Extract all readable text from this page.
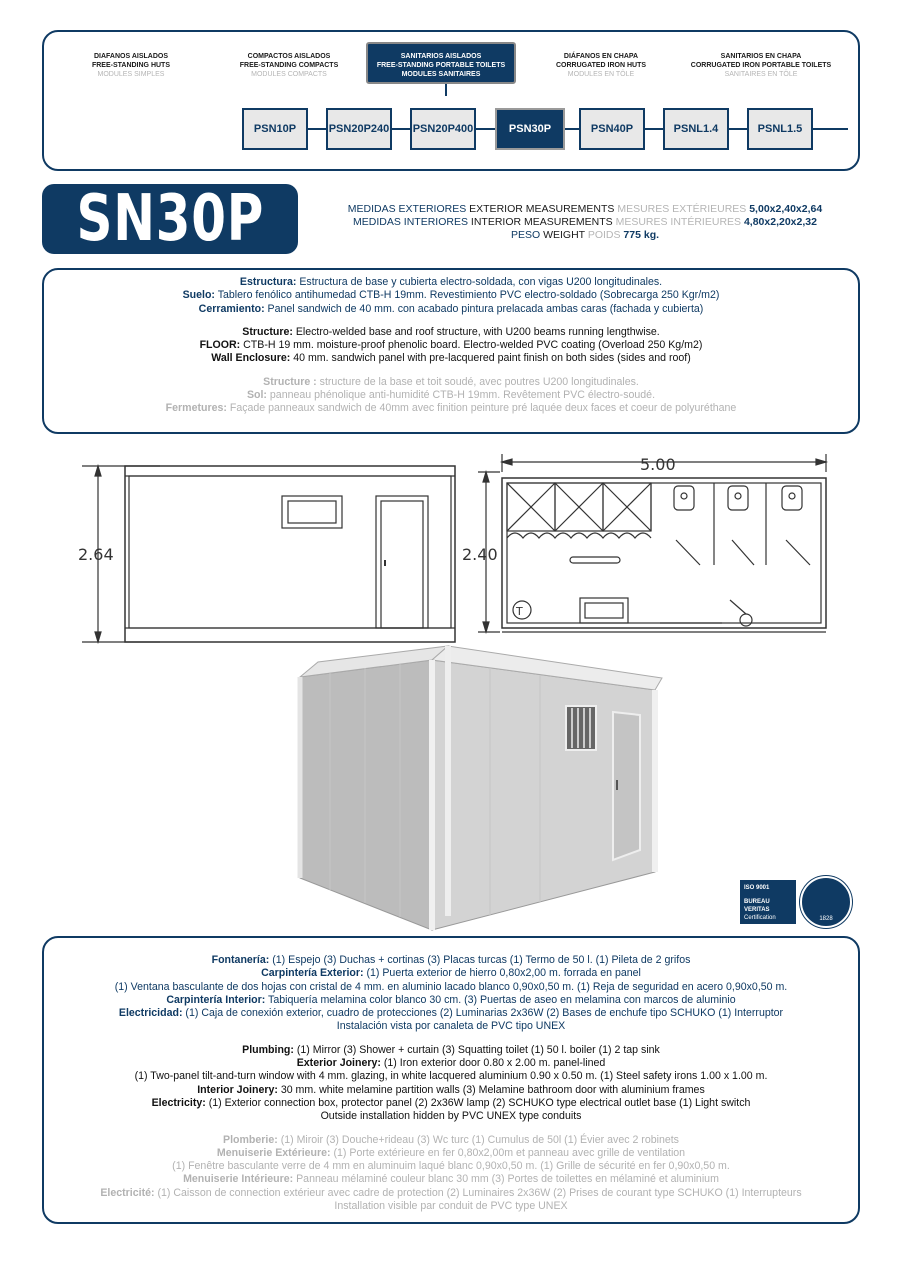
DIAFANOS AISLADOS
FREE-STANDING HUTS
MODULES SIMPLES
COMPACTOS AISLADOS
FREE-STANDING COMPACTS
MODULES COMPACTS
SANITARIOS AISLADOS
FREE-STANDING PORTABLE TOILETS
MODULES SANITAIRES
DIÁFANOS EN CHAPA
CORRUGATED IRON HUTS
MODULES EN TÔLE
SANITARIOS EN CHAPA
CORRUGATED IRON PORTABLE TOILETS
SANITAIRES EN TÔLE
PSN10P	PSN20P240 PSN20P400	PSN30P	PSN40P	PSNL1.4	PSNL1.5
SN30P	MEDIDAS EXTERIORES EXTERIOR MEASUREMENTS MESURES EXTÉRIEURES 5,00x2,40x2,64
MEDIDAS INTERIORES INTERIOR MEASUREMENTS MESURES INTÉRIEURES 4,80x2,20x2,32
PESO WEIGHT POIDS 775 kg.
Estructura: Estructura de base y cubierta electro-soldada, con vigas U200 longitudinales.
Suelo: Tablero fenólico antihumedad CTB-H 19mm. Revestimiento PVC electro-soldado (Sobrecarga 250 Kgr/m2)
Cerramiento: Panel sandwich de 40 mm. con acabado pintura prelacada ambas caras (fachada y cubierta)
Structure: Electro-welded base and roof structure, with U200 beams running lengthwise.
FLOOR: CTB-H 19 mm. moisture-proof phenolic board. Electro-welded PVC coating (Overload 250 Kg/m2)
Wall Enclosure: 40 mm. sandwich panel with pre-lacquered paint finish on both sides (sides and roof)
Structure : structure de la base et toit soudé, avec poutres U200 longitudinales.
Sol: panneau phénolique anti-humidité CTB-H 19mm. Revêtement PVC électro-soudé.
Fermetures: Façade panneaux sandwich de 40mm avec finition peinture pré laquée deux faces et coeur de polyuréthane
2.64
T
5.00
2.40
ISO 9001
BUREAU VERITAS
Certification	1828
Fontanería: (1) Espejo (3) Duchas + cortinas (3) Placas turcas (1) Termo de 50 l. (1) Pileta de 2 grifos
Carpintería Exterior: (1) Puerta exterior de hierro 0,80x2,00 m. forrada en panel
(1) Ventana basculante de dos hojas con cristal de 4 mm. en aluminio lacado blanco 0,90x0,50 m. (1) Reja de seguridad en acero 0,90x0,50 m.
Carpintería Interior: Tabiquería melamina color blanco 30 cm. (3) Puertas de aseo en melamina con marcos de aluminio
Electricidad: (1) Caja de conexión exterior, cuadro de protecciones (2) Luminarias 2x36W (2) Bases de enchufe tipo SCHUKO (1) Interruptor
Instalación vista por canaleta de PVC tipo UNEX
Plumbing: (1) Mirror (3) Shower + curtain (3) Squatting toilet (1) 50 l. boiler (1) 2 tap sink
Exterior Joinery: (1) Iron exterior door 0.80 x 2.00 m. panel-lined
(1) Two-panel tilt-and-turn window with 4 mm. glazing, in white lacquered aluminium 0.90 x 0.50 m. (1) Steel safety irons 1.00 x 1.00 m.
Interior Joinery: 30 mm. white melamine partition walls (3) Melamine bathroom door with aluminium frames
Electricity: (1) Exterior connection box, protector panel (2) 2x36W lamp (2) SCHUKO type electrical outlet base (1) Light switch
Outside installation hidden by PVC UNEX type conduits
Plomberie: (1) Miroir (3) Douche+rideau (3) Wc turc (1) Cumulus de 50l (1) Évier avec 2 robinets
Menuiserie Extérieure: (1) Porte extérieure en fer 0,80x2,00m et panneau avec grille de ventilation
(1) Fenêtre basculante verre de 4 mm en aluminuim laqué blanc 0,90x0,50 m. (1) Grille de sécurité en fer 0,90x0,50 m.
Menuiserie Intérieure: Panneau mélaminé couleur blanc 30 mm (3) Portes de toilettes en mélaminé et aluminium
Electricité: (1) Caisson de connection extérieur avec cadre de protection (2) Luminaires 2x36W (2) Prises de courant type SCHUKO (1) Interrupteurs
Installation visible par conduit de PVC type UNEX
